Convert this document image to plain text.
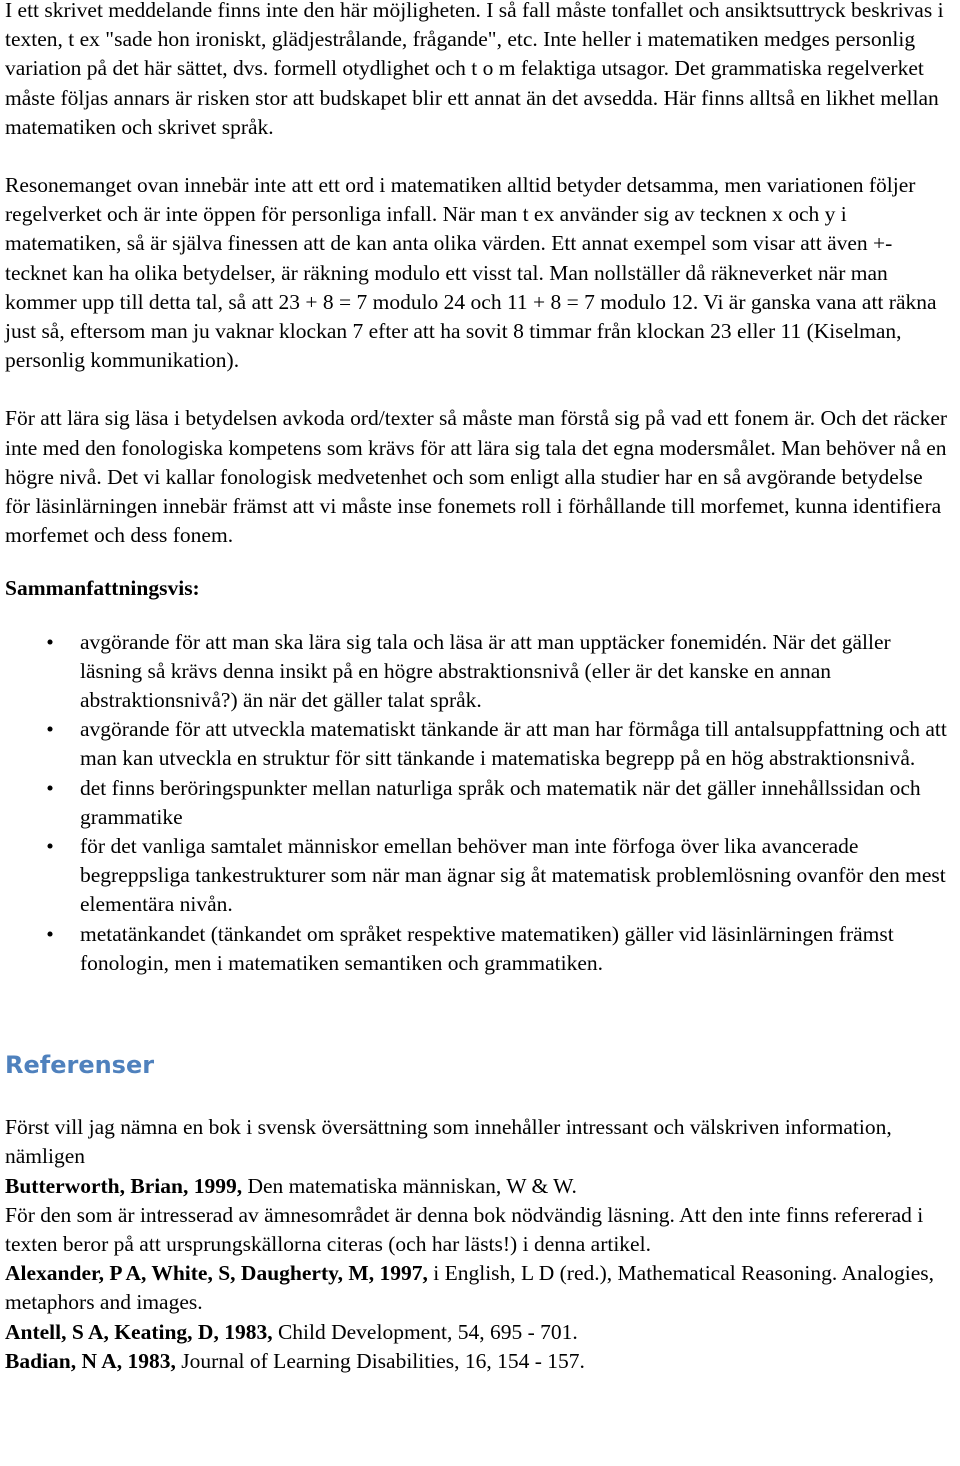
I ett skrivet meddelande finns inte den här möjligheten. I så fall måste tonfallet och ansiktsuttryck beskrivas i texten, t ex "sade hon ironiskt, glädjestrålande, frågande", etc. Inte heller i matematiken medges personlig variation på det här sättet, dvs. formell otydlighet och t o m felaktiga utsagor. Det grammatiska regelverket måste följas annars är risken stor att budskapet blir ett annat än det avsedda. Här finns alltså en likhet mellan matematiken och skrivet språk.

Resonemanget ovan innebär inte att ett ord i matematiken alltid betyder detsamma, men variationen följer regelverket och är inte öppen för personliga infall. När man t ex använder sig av tecknen x och y i matematiken, så är själva finessen att de kan anta olika värden. Ett annat exempel som visar att även +-tecknet kan ha olika betydelser, är räkning modulo ett visst tal. Man nollställer då räkneverket när man kommer upp till detta tal, så att 23 + 8 = 7 modulo 24 och 11 + 8 = 7 modulo 12. Vi är ganska vana att räkna just så, eftersom man ju vaknar klockan 7 efter att ha sovit 8 timmar från klockan 23 eller 11 (Kiselman, personlig kommunikation).

För att lära sig läsa i betydelsen avkoda ord/texter så måste man förstå sig på vad ett fonem är. Och det räcker inte med den fonologiska kompetens som krävs för att lära sig tala det egna modersmålet. Man behöver nå en högre nivå. Det vi kallar fonologisk medvetenhet och som enligt alla studier har en så avgörande betydelse för läsinlärningen innebär främst att vi måste inse fonemets roll i förhållande till morfemet, kunna identifiera morfemet och dess fonem.

Sammanfattningsvis:

• avgörande för att man ska lära sig tala och läsa är att man upptäcker fonemidén. När det gäller läsning så krävs denna insikt på en högre abstraktionsnivå (eller är det kanske en annan abstraktionsnivå?) än när det gäller talat språk.
• avgörande för att utveckla matematiskt tänkande är att man har förmåga till antalsuppfattning och att man kan utveckla en struktur för sitt tänkande i matematiska begrepp på en hög abstraktionsnivå.
• det finns beröringspunkter mellan naturliga språk och matematik när det gäller innehållssidan och grammatike
• för det vanliga samtalet människor emellan behöver man inte förfoga över lika avancerade begreppsliga tankestrukturer som när man ägnar sig åt matematisk problemlösning ovanför den mest elementära nivån.
• metatänkandet (tänkandet om språket respektive matematiken) gäller vid läsinlärningen främst fonologin, men i matematiken semantiken och grammatiken.
Referenser

Först vill jag nämna en bok i svensk översättning som innehåller intressant och välskriven information, nämligen

Butterworth, Brian, 1999, Den matematiska människan, W & W.

För den som är intresserad av ämnesområdet är denna bok nödvändig läsning. Att den inte finns refererad i texten beror på att ursprungskällorna citeras (och har lästs!) i denna artikel.

Alexander, P A, White, S, Daugherty, M, 1997, i English, L D (red.), Mathematical Reasoning. Analogies, metaphors and images.

Antell, S A, Keating, D, 1983, Child Development, 54, 695 - 701.

Badian, N A, 1983, Journal of Learning Disabilities, 16, 154 - 157.
